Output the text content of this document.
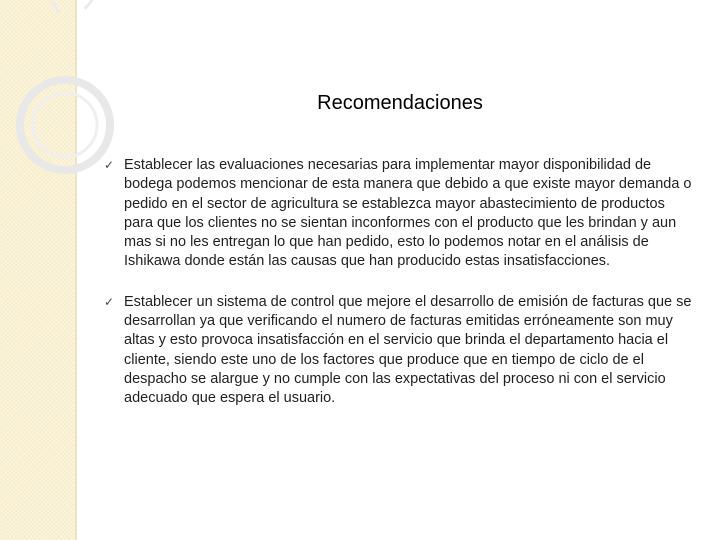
Recomendaciones
✓ Establecer las evaluaciones necesarias para implementar mayor disponibilidad de bodega podemos mencionar de esta manera que debido a que existe mayor demanda o pedido en el sector de agricultura se establezca mayor abastecimiento de productos para que los clientes no se sientan inconformes con el producto que les brindan y aun mas si no les entregan lo que han pedido, esto lo podemos notar en el análisis de Ishikawa donde están las causas que han producido estas insatisfacciones.
✓ Establecer un sistema de control que mejore el desarrollo de emisión de facturas que se desarrollan ya que verificando el numero de facturas emitidas erróneamente son muy altas y esto provoca insatisfacción en el servicio que brinda el departamento hacia el cliente, siendo este uno de los factores que produce que en tiempo de ciclo de el despacho se alargue y no cumple con las expectativas del proceso ni con el servicio adecuado que espera el usuario.
